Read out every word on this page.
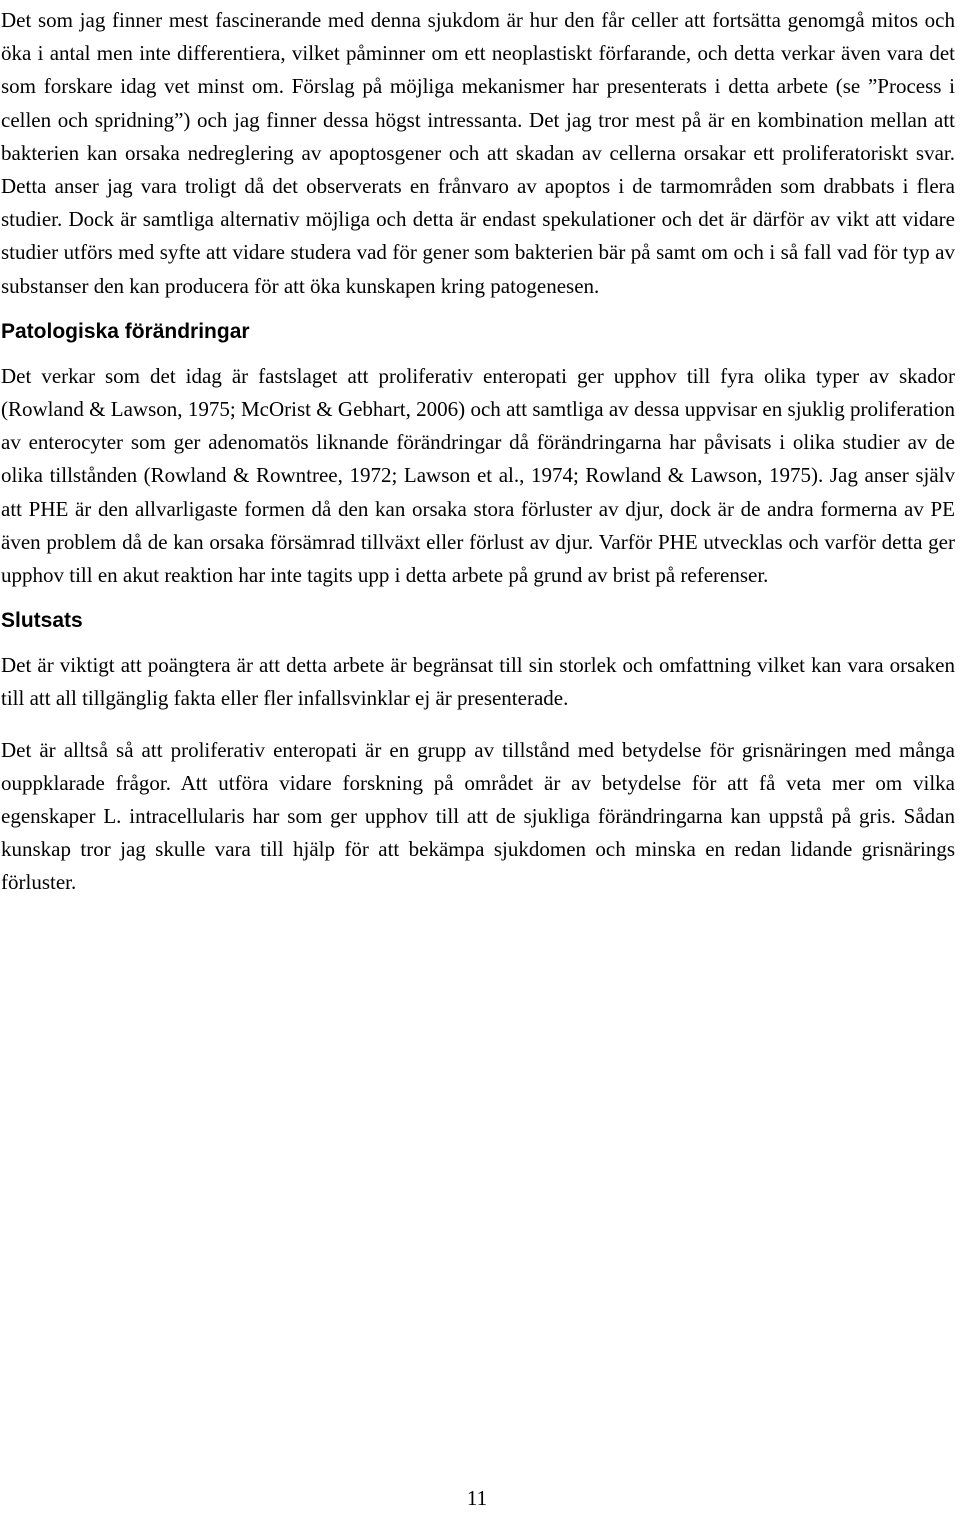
Det som jag finner mest fascinerande med denna sjukdom är hur den får celler att fortsätta genomgå mitos och öka i antal men inte differentiera, vilket påminner om ett neoplastiskt förfarande, och detta verkar även vara det som forskare idag vet minst om. Förslag på möjliga mekanismer har presenterats i detta arbete (se ”Process i cellen och spridning”) och jag finner dessa högst intressanta. Det jag tror mest på är en kombination mellan att bakterien kan orsaka nedreglering av apoptosgener och att skadan av cellerna orsakar ett proliferatoriskt svar. Detta anser jag vara troligt då det observerats en frånvaro av apoptos i de tarmområden som drabbats i flera studier. Dock är samtliga alternativ möjliga och detta är endast spekulationer och det är därför av vikt att vidare studier utförs med syfte att vidare studera vad för gener som bakterien bär på samt om och i så fall vad för typ av substanser den kan producera för att öka kunskapen kring patogenesen.

Patologiska förändringar

Det verkar som det idag är fastslaget att proliferativ enteropati ger upphov till fyra olika typer av skador (Rowland & Lawson, 1975; McOrist & Gebhart, 2006) och att samtliga av dessa uppvisar en sjuklig proliferation av enterocyter som ger adenomatös liknande förändringar då förändringarna har påvisats i olika studier av de olika tillstånden (Rowland & Rowntree, 1972; Lawson et al., 1974; Rowland & Lawson, 1975). Jag anser själv att PHE är den allvarligaste formen då den kan orsaka stora förluster av djur, dock är de andra formerna av PE även problem då de kan orsaka försämrad tillväxt eller förlust av djur. Varför PHE utvecklas och varför detta ger upphov till en akut reaktion har inte tagits upp i detta arbete på grund av brist på referenser.

Slutsats

Det är viktigt att poängtera är att detta arbete är begränsat till sin storlek och omfattning vilket kan vara orsaken till att all tillgänglig fakta eller fler infallsvinklar ej är presenterade.

Det är alltså så att proliferativ enteropati är en grupp av tillstånd med betydelse för grisnäringen med många ouppklarade frågor. Att utföra vidare forskning på området är av betydelse för att få veta mer om vilka egenskaper L. intracellularis har som ger upphov till att de sjukliga förändringarna kan uppstå på gris. Sådan kunskap tror jag skulle vara till hjälp för att bekämpa sjukdomen och minska en redan lidande grisnärings förluster.

11
